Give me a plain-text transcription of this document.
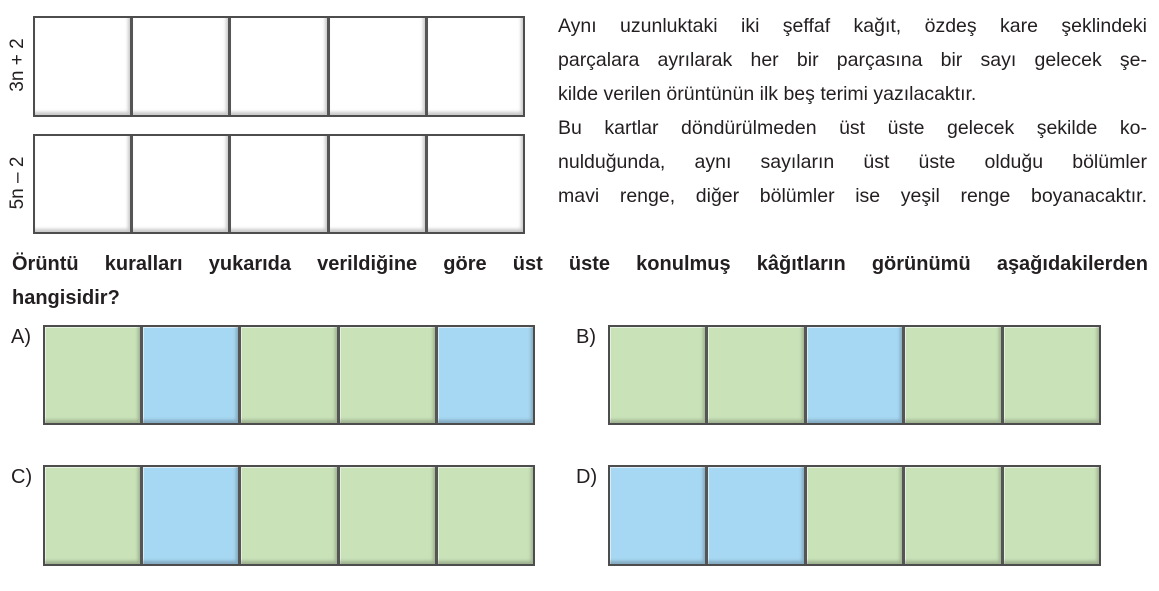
3n + 2
5n – 2
Aynı uzunluktaki iki şeffaf kağıt, özdeş kare şeklindeki
parçalara ayrılarak her bir parçasına bir sayı gelecek şe-
kilde verilen örüntünün ilk beş terimi yazılacaktır.
Bu kartlar döndürülmeden üst üste gelecek şekilde ko-
nulduğunda, aynı sayıların üst üste olduğu bölümler
mavi renge, diğer bölümler ise yeşil renge boyanacaktır.
Örüntü kuralları yukarıda verildiğine göre üst üste konulmuş kâğıtların görünümü aşağıdakilerden
hangisidir?
A)	B)
C)	D)
